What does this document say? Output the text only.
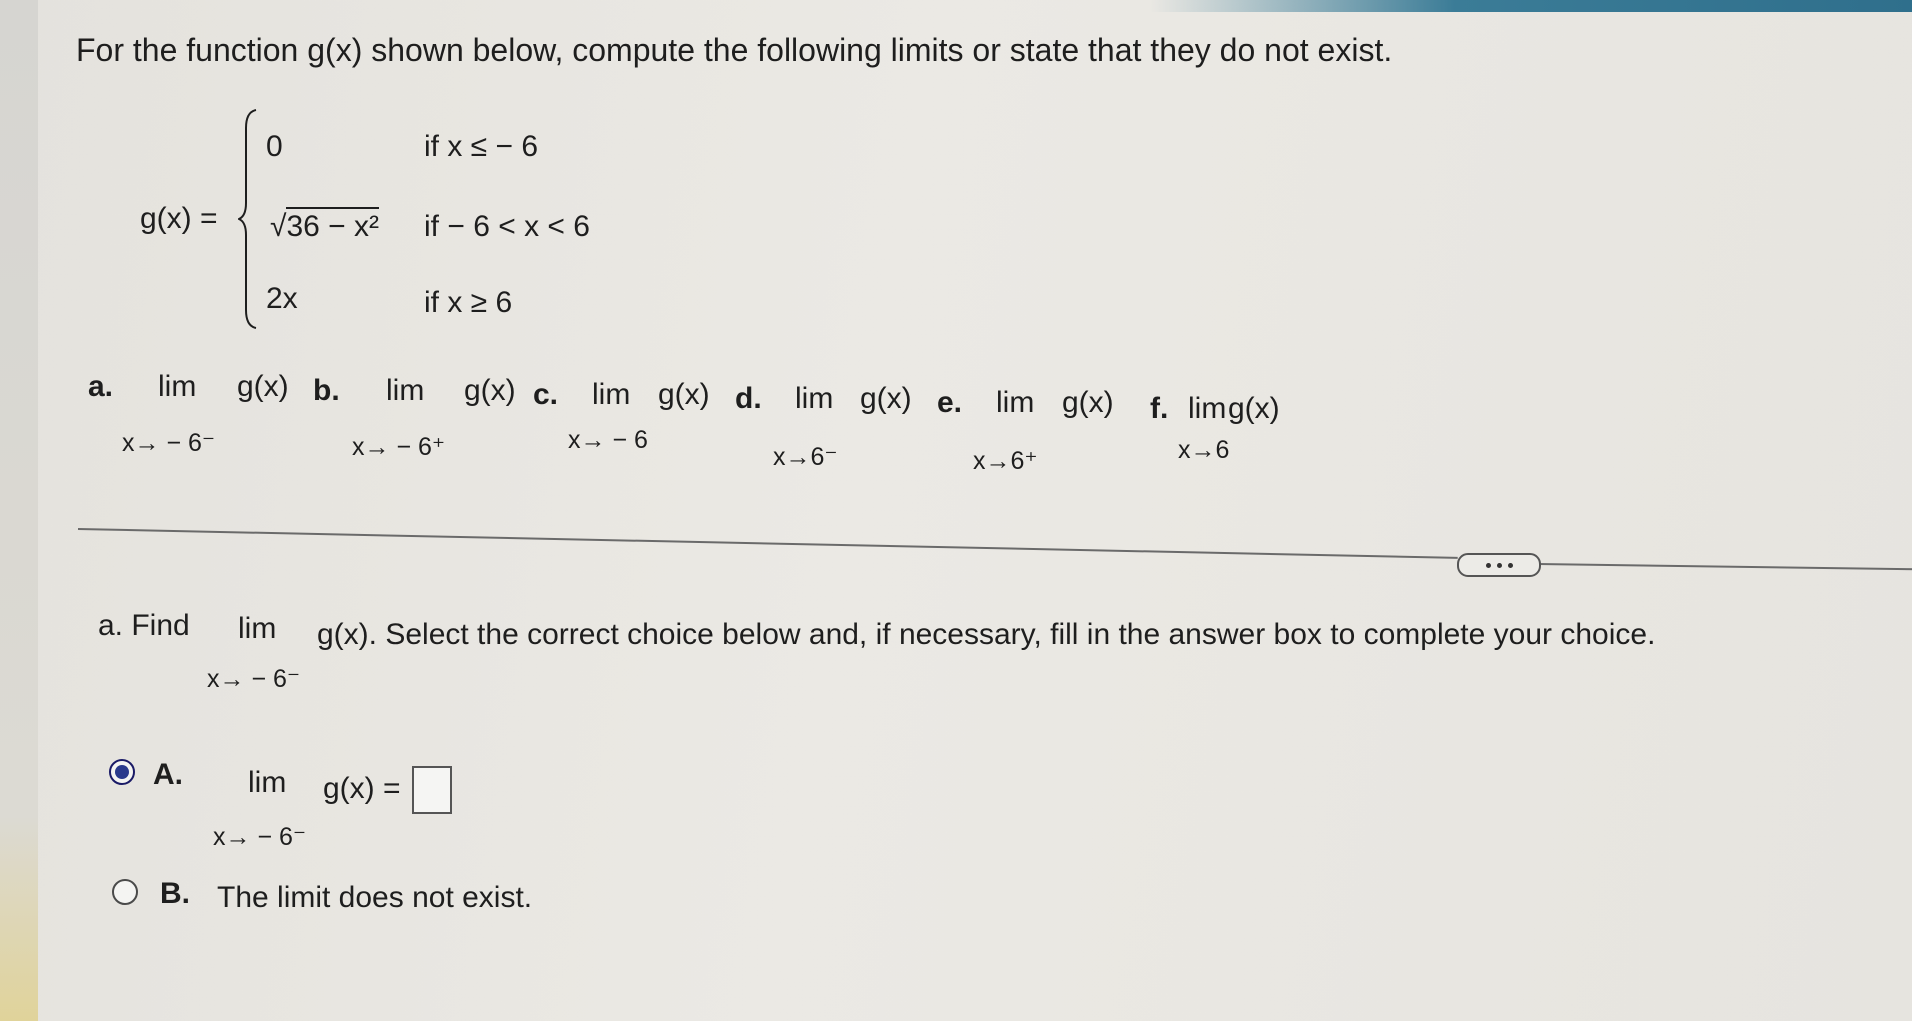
For the function g(x) shown below, compute the following limits or state that they do not exist.
g(x) =
0	if x ≤ − 6
√36 − x² if − 6 < x < 6
2x	if x ≥ 6
a. lim g(x)
x→ − 6⁻
b. lim g(x)
x→ − 6⁺
c. lim g(x)
x→ − 6
d. lim g(x)
x→6⁻
e. lim g(x)
x→6⁺
f. lim g(x)
x→6
a. Find lim g(x). Select the correct choice below and, if necessary, fill in the answer box to complete your choice.
x→ − 6⁻
A. lim g(x) =
x→ − 6⁻
B. The limit does not exist.
